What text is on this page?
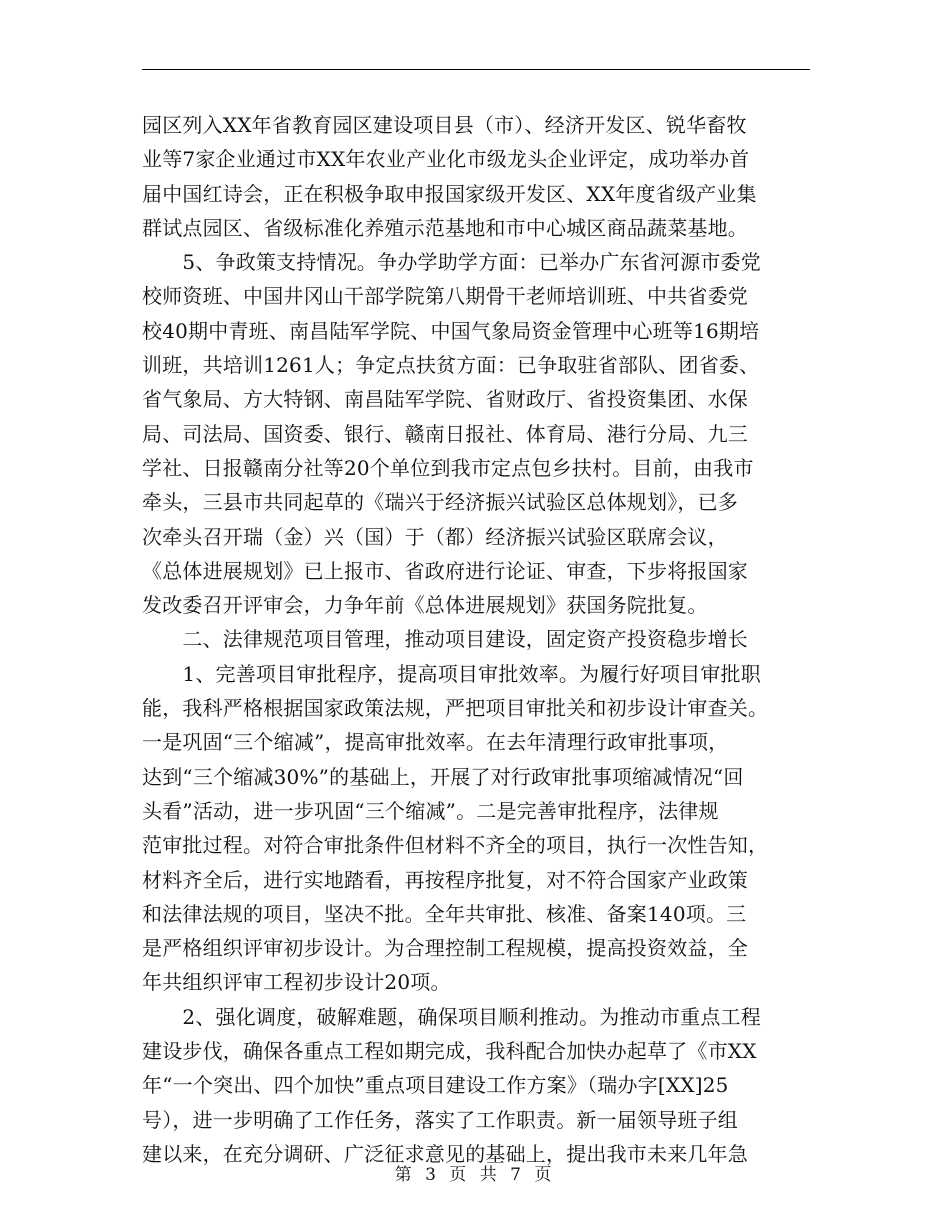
园区列入XX年省教育园区建设项目县（市）、经济开发区、锐华畜牧
业等7家企业通过市XX年农业产业化市级龙头企业评定，成功举办首
届中国红诗会，正在积极争取申报国家级开发区、XX年度省级产业集
群试点园区、省级标准化养殖示范基地和市中心城区商品蔬菜基地。
　　5、争政策支持情况。争办学助学方面：已举办广东省河源市委党
校师资班、中国井冈山干部学院第八期骨干老师培训班、中共省委党
校40期中青班、南昌陆军学院、中国气象局资金管理中心班等16期培
训班，共培训1261人；争定点扶贫方面：已争取驻省部队、团省委、
省气象局、方大特钢、南昌陆军学院、省财政厅、省投资集团、水保
局、司法局、国资委、银行、赣南日报社、体育局、港行分局、九三
学社、日报赣南分社等20个单位到我市定点包乡扶村。目前，由我市
牵头，三县市共同起草的《瑞兴于经济振兴试验区总体规划》，已多
次牵头召开瑞（金）兴（国）于（都）经济振兴试验区联席会议，
《总体进展规划》已上报市、省政府进行论证、审查，下步将报国家
发改委召开评审会，力争年前《总体进展规划》获国务院批复。
　　二、法律规范项目管理，推动项目建设，固定资产投资稳步增长
　　1、完善项目审批程序，提高项目审批效率。为履行好项目审批职
能，我科严格根据国家政策法规，严把项目审批关和初步设计审查关。
一是巩固“三个缩减”，提高审批效率。在去年清理行政审批事项，
达到“三个缩减30%”的基础上，开展了对行政审批事项缩减情况“回
头看”活动，进一步巩固“三个缩减”。二是完善审批程序，法律规
范审批过程。对符合审批条件但材料不齐全的项目，执行一次性告知，
材料齐全后，进行实地踏看，再按程序批复，对不符合国家产业政策
和法律法规的项目，坚决不批。全年共审批、核准、备案140项。三
是严格组织评审初步设计。为合理控制工程规模，提高投资效益，全
年共组织评审工程初步设计20项。
　　2、强化调度，破解难题，确保项目顺利推动。为推动市重点工程
建设步伐，确保各重点工程如期完成，我科配合加快办起草了《市XX
年“一个突出、四个加快”重点项目建设工作方案》（瑞办字[XX]25
号），进一步明确了工作任务，落实了工作职责。新一届领导班子组
建以来，在充分调研、广泛征求意见的基础上，提出我市未来几年急
第 3 页 共 7 页
